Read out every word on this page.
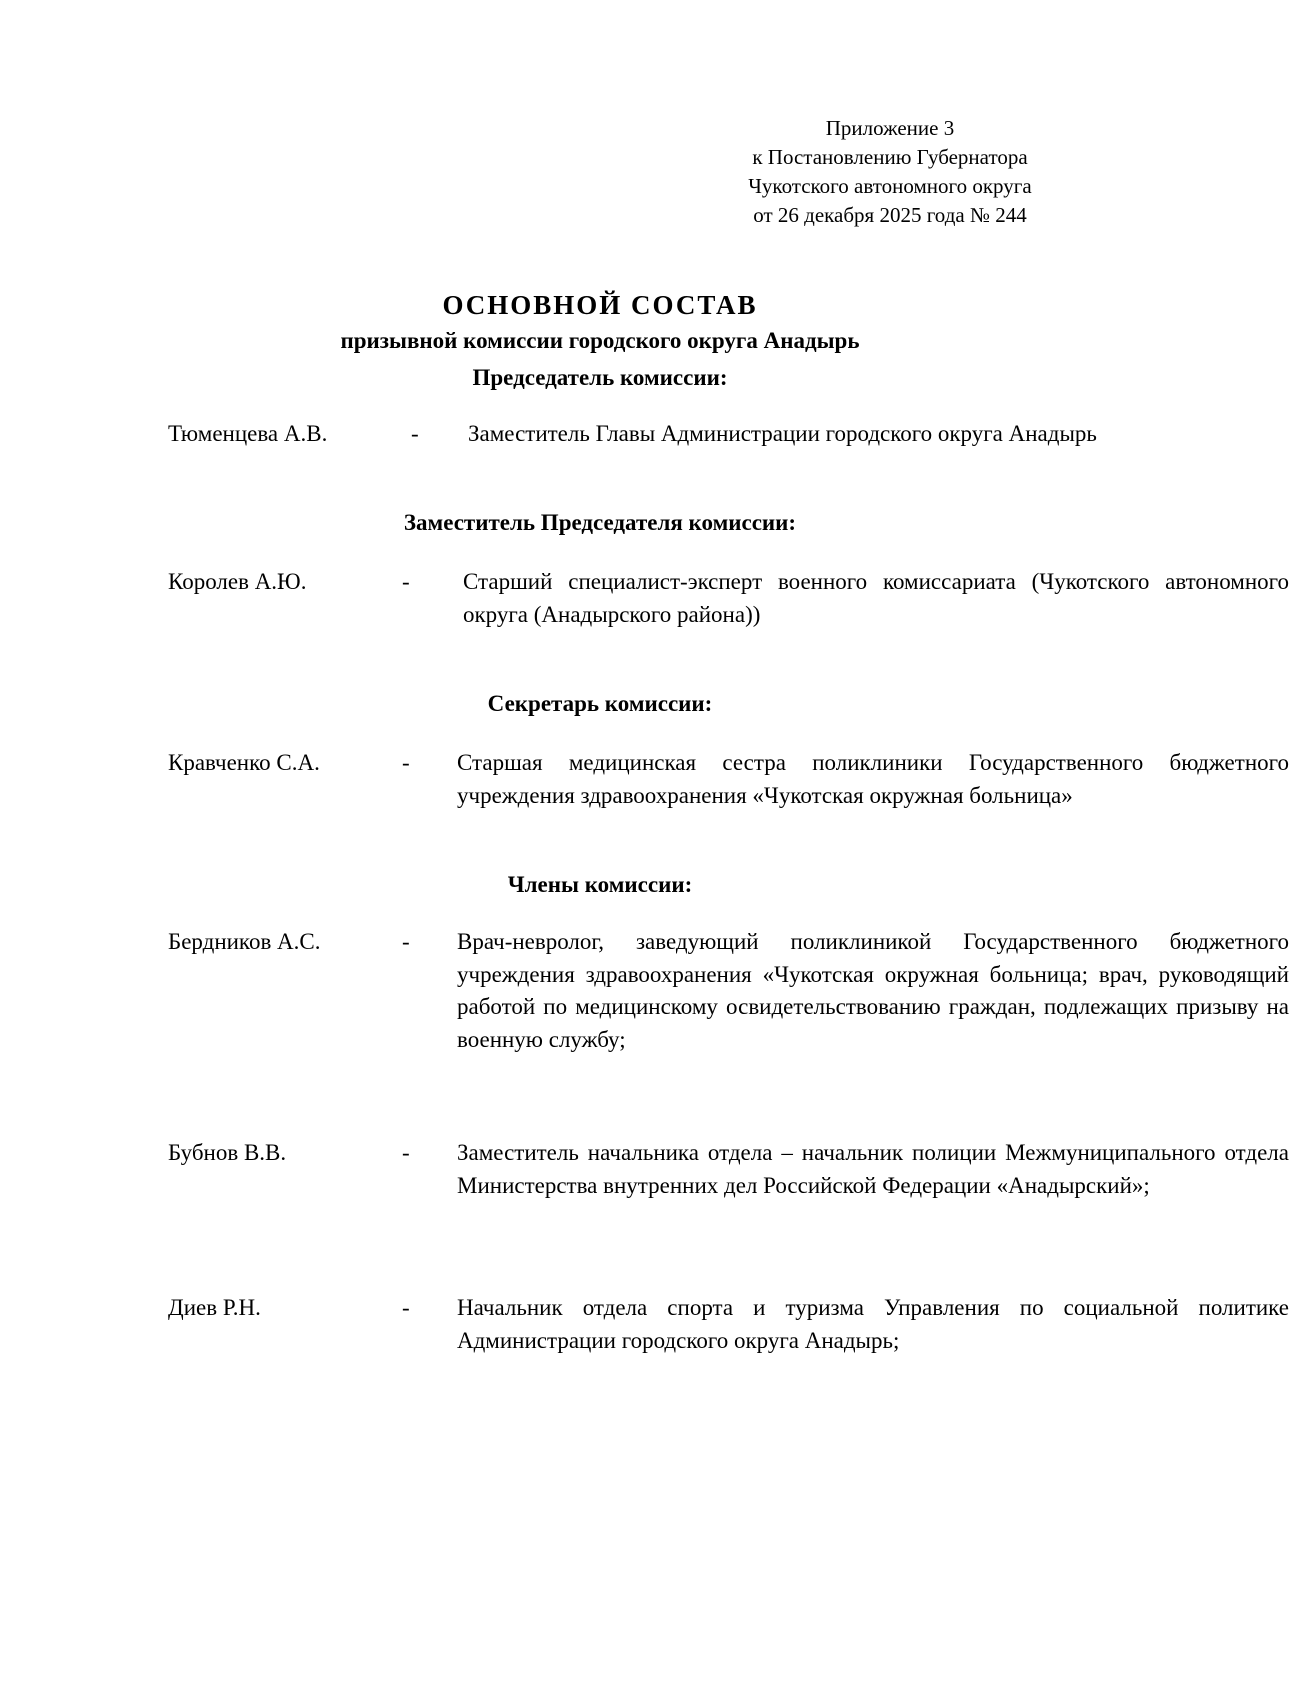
Приложение 3
к Постановлению Губернатора
Чукотского автономного округа
от 26 декабря 2025 года № 244
ОСНОВНОЙ СОСТАВ
призывной комиссии городского округа Анадырь
Председатель комиссии:
Тюменцева А.В.	- Заместитель Главы Администрации городского округа Анадырь
Заместитель Председателя комиссии:
Королев А.Ю.	- Старший специалист-эксперт военного комиссариата (Чукотского автономного округа (Анадырского района))
Секретарь комиссии:
Кравченко С.А.	- Старшая медицинская сестра поликлиники Государственного бюджетного учреждения здравоохранения «Чукотская окружная больница»
Члены комиссии:
Бердников А.С.	- Врач-невролог, заведующий поликлиникой Государственного бюджетного учреждения здравоохранения «Чукотская окружная больница; врач, руководящий работой по медицинскому освидетельствованию граждан, подлежащих призыву на военную службу;
Бубнов В.В.	- Заместитель начальника отдела – начальник полиции Межмуниципального отдела Министерства внутренних дел Российской Федерации «Анадырский»;
Диев Р.Н.	- Начальник отдела спорта и туризма Управления по социальной политике Администрации городского округа Анадырь;
